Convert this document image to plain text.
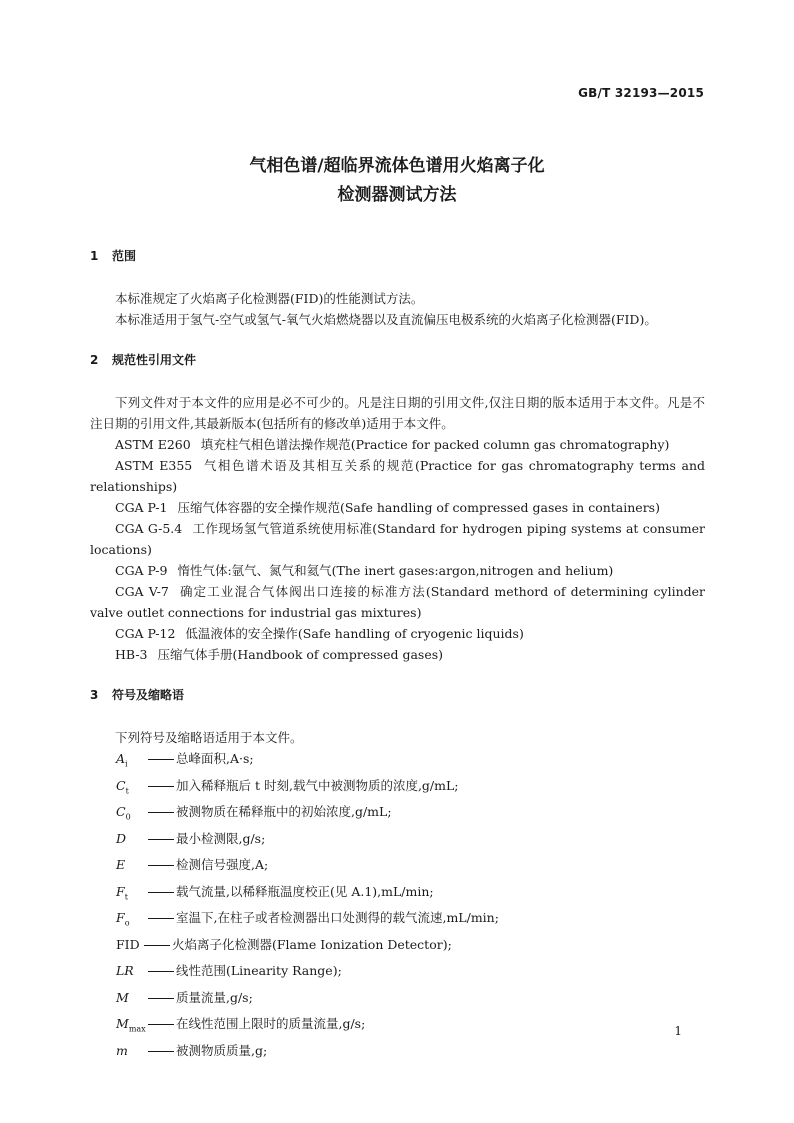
GB/T 32193—2015
气相色谱/超临界流体色谱用火焰离子化
检测器测试方法

1 范围

本标准规定了火焰离子化检测器(FID)的性能测试方法。

本标准适用于氢气-空气或氢气-氧气火焰燃烧器以及直流偏压电极系统的火焰离子化检测器(FID)。

2 规范性引用文件

下列文件对于本文件的应用是必不可少的。凡是注日期的引用文件,仅注日期的版本适用于本文件。凡是不注日期的引用文件,其最新版本(包括所有的修改单)适用于本文件。

ASTM E260 填充柱气相色谱法操作规范(Practice for packed column gas chromatography)

ASTM E355 气相色谱术语及其相互关系的规范(Practice for gas chromatography terms and relationships)

CGA P-1 压缩气体容器的安全操作规范(Safe handling of compressed gases in containers)

CGA G-5.4 工作现场氢气管道系统使用标准(Standard for hydrogen piping systems at consumer locations)

CGA P-9 惰性气体:氩气、氮气和氦气(The inert gases:argon,nitrogen and helium)

CGA V-7 确定工业混合气体阀出口连接的标准方法(Standard methord of determining cylinder valve outlet connections for industrial gas mixtures)

CGA P-12 低温液体的安全操作(Safe handling of cryogenic liquids)

HB-3 压缩气体手册(Handbook of compressed gases)

3 符号及缩略语

下列符号及缩略语适用于本文件。

$A_i$	总峰面积,A·s;

$C_t$	加入稀释瓶后 t 时刻,载气中被测物质的浓度,g/mL;

$C_0$	被测物质在稀释瓶中的初始浓度,g/mL;

D	最小检测限,g/s;

E	检测信号强度,A;

$F_t$	载气流量,以稀释瓶温度校正(见 A.1),mL/min;

$F_o$	室温下,在柱子或者检测器出口处测得的载气流速,mL/min;

FID	火焰离子化检测器(Flame Ionization Detector);

LR	线性范围(Linearity Range);

M	质量流量,g/s;

$M_{max}$ 在线性范围上限时的质量流量,g/s;

m	被测物质质量,g;

1
